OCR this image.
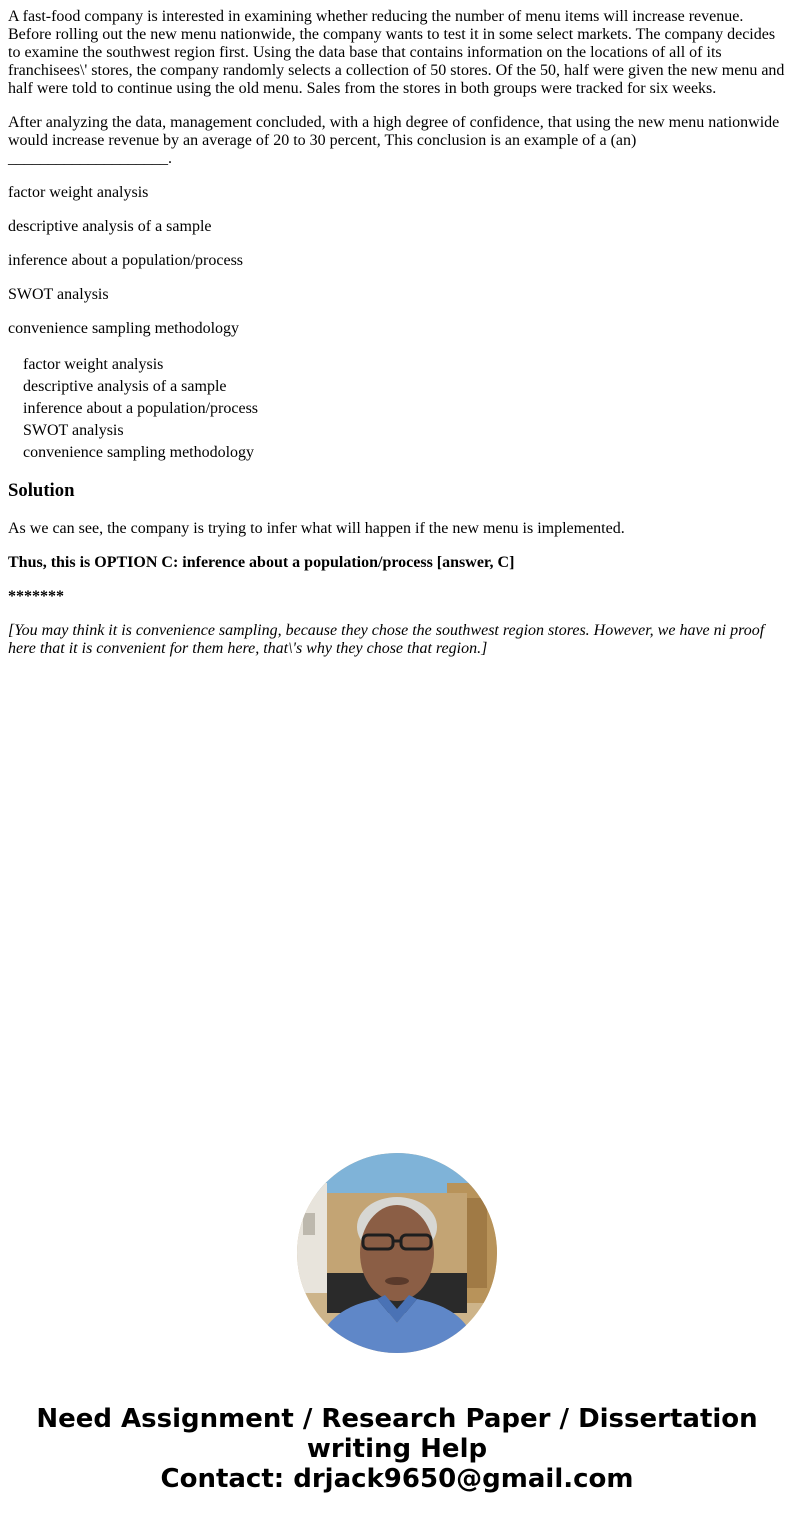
A fast-food company is interested in examining whether reducing the number of menu items will increase revenue. Before rolling out the new menu nationwide, the company wants to test it in some select markets. The company decides to examine the southwest region first. Using the data base that contains information on the locations of all of its franchisees\' stores, the company randomly selects a collection of 50 stores. Of the 50, half were given the new menu and half were told to continue using the old menu. Sales from the stores in both groups were tracked for six weeks.

After analyzing the data, management concluded, with a high degree of confidence, that using the new menu nationwide would increase revenue by an average of 20 to 30 percent, This conclusion is an example of a (an) ____________________.

factor weight analysis

descriptive analysis of a sample

inference about a population/process

SWOT analysis

convenience sampling methodology

factor weight analysis
descriptive analysis of a sample
inference about a population/process
SWOT analysis
convenience sampling methodology
Solution

As we can see, the company is trying to infer what will happen if the new menu is implemented.

Thus, this is OPTION C: inference about a population/process [answer, C]

*******

[You may think it is convenience sampling, because they chose the southwest region stores. However, we have ni proof here that it is convenient for them here, that\'s why they chose that region.]

Need Assignment / Research Paper / Dissertation
writing Help
Contact: drjack9650@gmail.com
